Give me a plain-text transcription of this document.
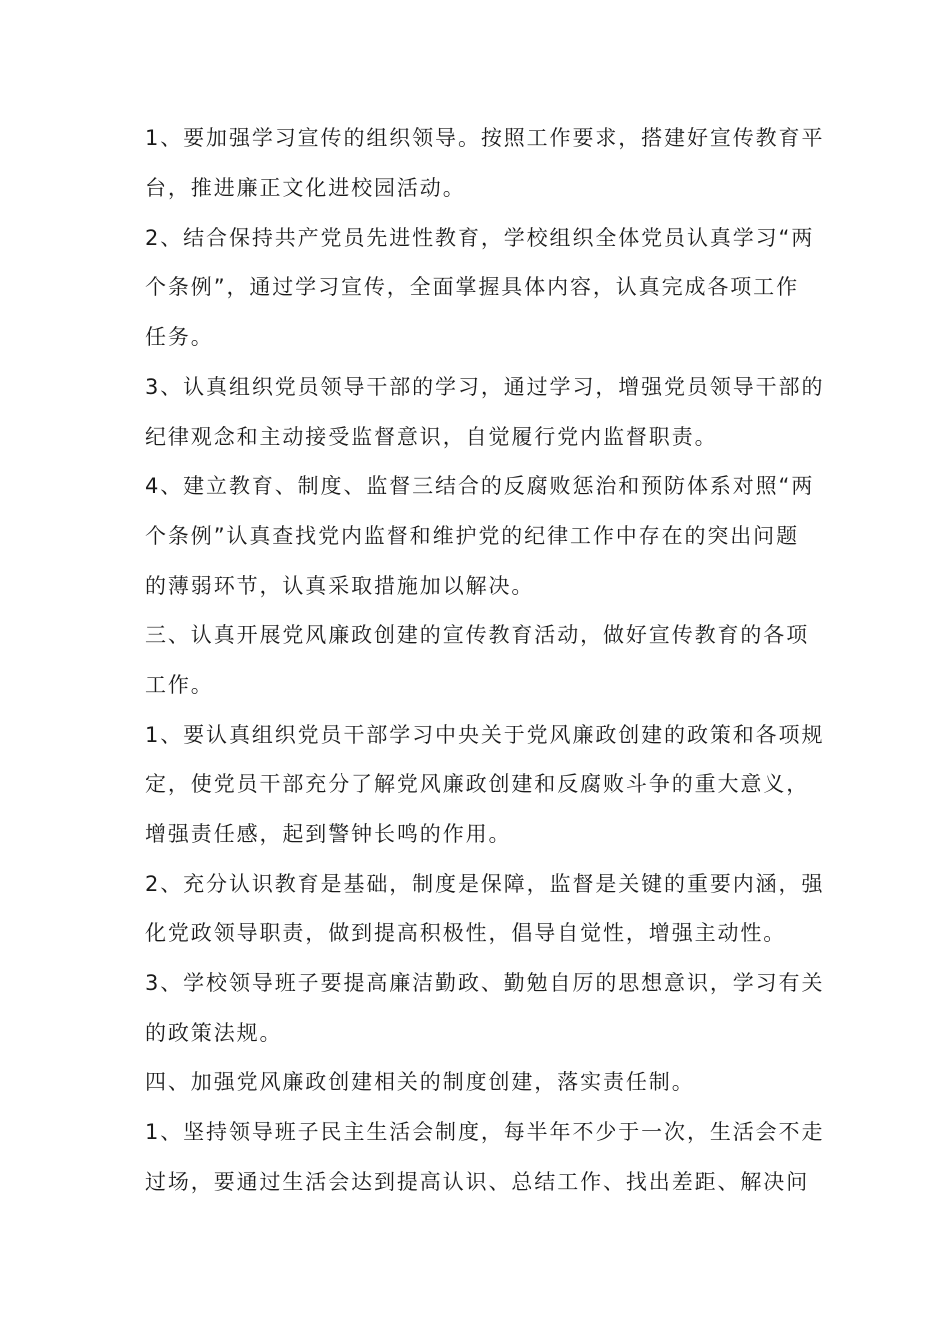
1、要加强学习宣传的组织领导。按照工作要求，搭建好宣传教育平
台，推进廉正文化进校园活动。
2、结合保持共产党员先进性教育，学校组织全体党员认真学习“两
个条例”，通过学习宣传，全面掌握具体内容，认真完成各项工作
任务。
3、认真组织党员领导干部的学习，通过学习，增强党员领导干部的
纪律观念和主动接受监督意识，自觉履行党内监督职责。
4、建立教育、制度、监督三结合的反腐败惩治和预防体系对照“两
个条例”认真查找党内监督和维护党的纪律工作中存在的突出问题
的薄弱环节，认真采取措施加以解决。
三、认真开展党风廉政创建的宣传教育活动，做好宣传教育的各项
工作。
1、要认真组织党员干部学习中央关于党风廉政创建的政策和各项规
定，使党员干部充分了解党风廉政创建和反腐败斗争的重大意义，
增强责任感，起到警钟长鸣的作用。
2、充分认识教育是基础，制度是保障，监督是关键的重要内涵，强
化党政领导职责，做到提高积极性，倡导自觉性，增强主动性。
3、学校领导班子要提高廉洁勤政、勤勉自厉的思想意识，学习有关
的政策法规。
四、加强党风廉政创建相关的制度创建，落实责任制。
1、坚持领导班子民主生活会制度，每半年不少于一次，生活会不走
过场，要通过生活会达到提高认识、总结工作、找出差距、解决问
